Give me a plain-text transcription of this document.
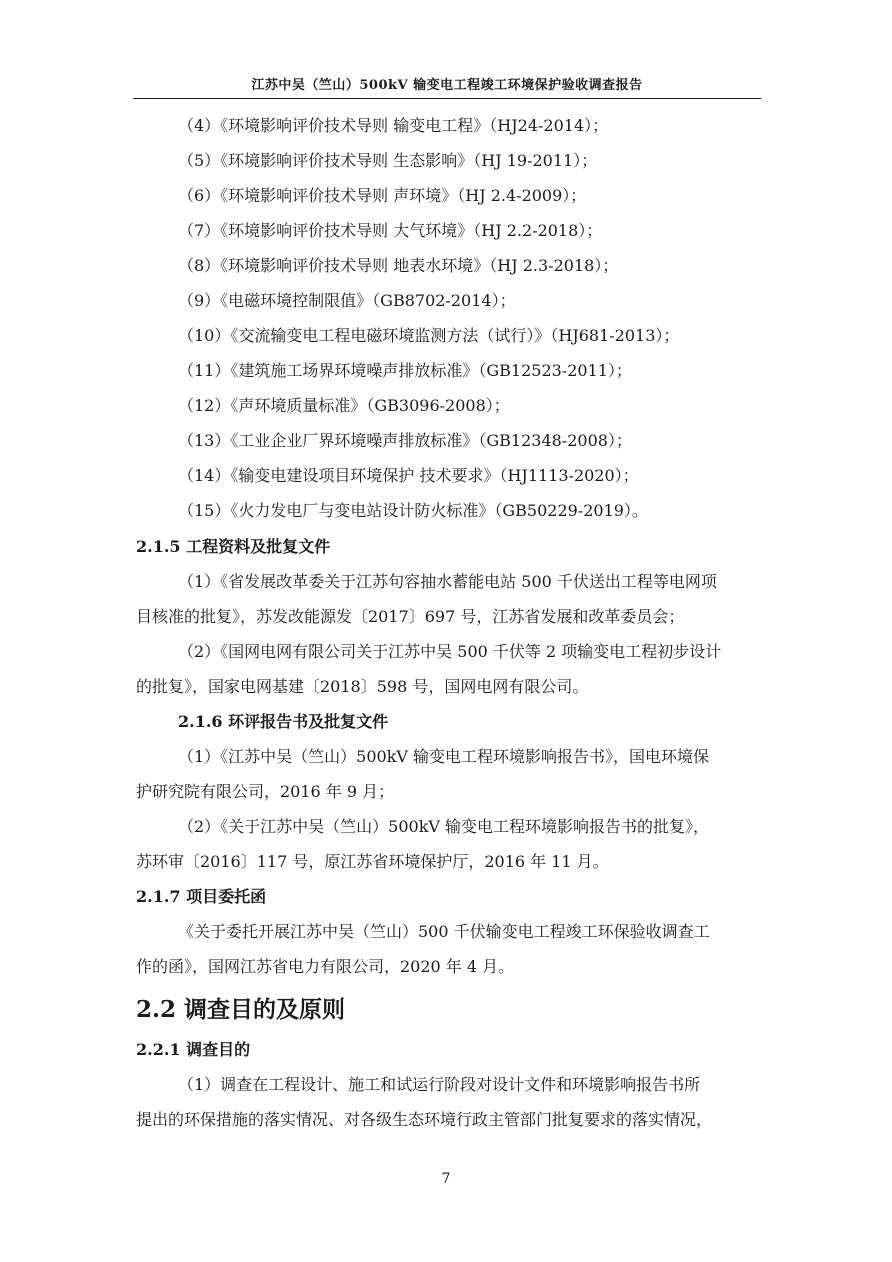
江苏中吴（竺山）500kV 输变电工程竣工环境保护验收调查报告
（4）《环境影响评价技术导则 输变电工程》（HJ24-2014）；
（5）《环境影响评价技术导则 生态影响》（HJ 19-2011）；
（6）《环境影响评价技术导则 声环境》（HJ 2.4-2009）；
（7）《环境影响评价技术导则 大气环境》（HJ 2.2-2018）；
（8）《环境影响评价技术导则 地表水环境》（HJ 2.3-2018）；
（9）《电磁环境控制限值》（GB8702-2014）；
（10）《交流输变电工程电磁环境监测方法（试行）》（HJ681-2013）；
（11）《建筑施工场界环境噪声排放标准》（GB12523-2011）；
（12）《声环境质量标准》（GB3096-2008）；
（13）《工业企业厂界环境噪声排放标准》（GB12348-2008）；
（14）《输变电建设项目环境保护 技术要求》（HJ1113-2020）；
（15）《火力发电厂与变电站设计防火标准》（GB50229-2019）。
2.1.5 工程资料及批复文件
（1）《省发展改革委关于江苏句容抽水蓄能电站 500 千伏送出工程等电网项
目核准的批复》，苏发改能源发〔2017〕697 号，江苏省发展和改革委员会；
（2）《国网电网有限公司关于江苏中吴 500 千伏等 2 项输变电工程初步设计
的批复》，国家电网基建〔2018〕598 号，国网电网有限公司。
2.1.6 环评报告书及批复文件
（1）《江苏中吴（竺山）500kV 输变电工程环境影响报告书》，国电环境保
护研究院有限公司，2016 年 9 月；
（2）《关于江苏中吴（竺山）500kV 输变电工程环境影响报告书的批复》，
苏环审〔2016〕117 号，原江苏省环境保护厅，2016 年 11 月。
2.1.7 项目委托函
《关于委托开展江苏中吴（竺山）500 千伏输变电工程竣工环保验收调查工
作的函》，国网江苏省电力有限公司，2020 年 4 月。
2.2 调查目的及原则
2.2.1 调查目的
（1）调查在工程设计、施工和试运行阶段对设计文件和环境影响报告书所
提出的环保措施的落实情况、对各级生态环境行政主管部门批复要求的落实情况，
7
